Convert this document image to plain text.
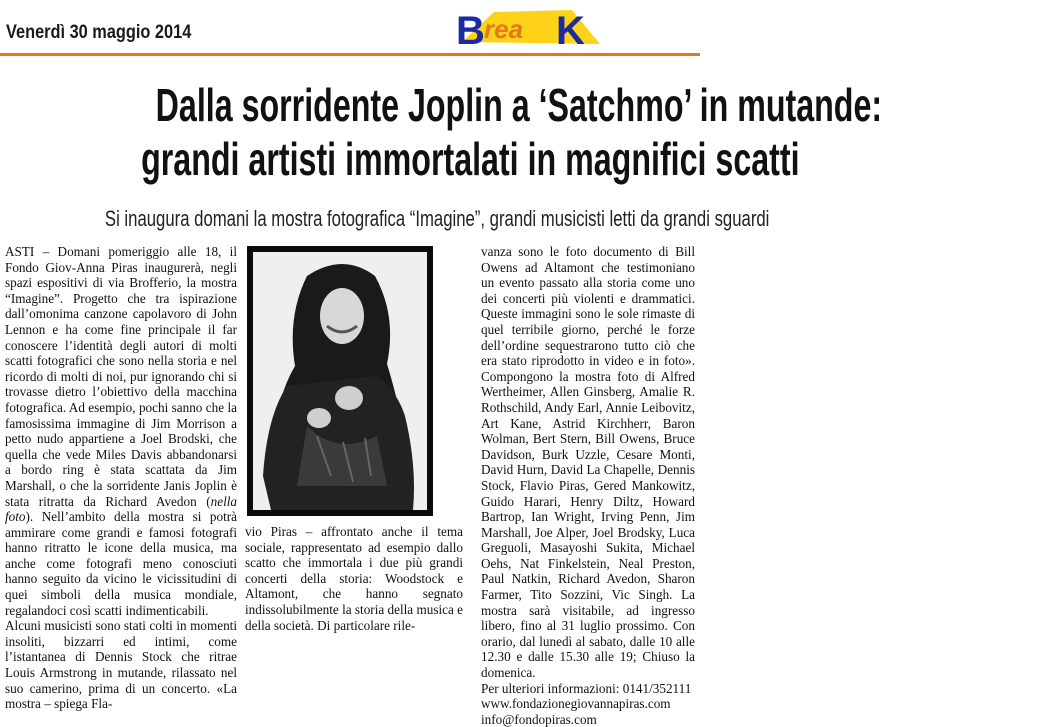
Venerdì 30 maggio 2014	B rea K
Dalla sorridente Joplin a ‘Satchmo’ in mutande:
grandi artisti immortalati in magnifici scatti
Si inaugura domani la mostra fotografica “Imagine”, grandi musicisti letti da grandi sguardi

ASTI – Domani pomeriggio alle 18, il Fondo Giov-Anna Piras inaugurerà, negli spazi espositivi di via Brofferio, la mostra “Imagine”. Progetto che tra ispirazione dall’omonima canzone capolavoro di John Lennon e ha come fine principale il far conoscere l’identità degli autori di molti scatti fotografici che sono nella storia e nel ricordo di molti di noi, pur ignorando chi si trovasse dietro l’obiettivo della macchina fotografica. Ad esempio, pochi sanno che la famosissima immagine di Jim Morrison a petto nudo appartiene a Joel Brodski, che quella che vede Miles Davis abbandonarsi a bordo ring è stata scattata da Jim Marshall, o che la sorridente Janis Joplin è stata ritratta da Richard Avedon (nella foto). Nell’ambito della mostra si potrà ammirare come grandi e famosi fotografi hanno ritratto le icone della musica, ma anche come fotografi meno conosciuti hanno seguito da vicino le vicissitudini di quei simboli della musica mondiale, regalandoci così scatti indimenticabili.

Alcuni musicisti sono stati colti in momenti insoliti, bizzarri ed intimi, come l’istantanea di Dennis Stock che ritrae Louis Armstrong in mutande, rilassato nel suo camerino, prima di un concerto. «La mostra – spiega Fla-

vio Piras – affrontato anche il tema sociale, rappresentato ad esempio dallo scatto che immortala i due più grandi concerti della storia: Woodstock e Altamont, che hanno segnato indissolubilmente la storia della musica e della società. Di particolare rile-

vanza sono le foto documento di Bill Owens ad Altamont che testimoniano un evento passato alla storia come uno dei concerti più violenti e drammatici. Queste immagini sono le sole rimaste di quel terribile giorno, perché le forze dell’ordine sequestrarono tutto ciò che era stato riprodotto in video e in foto». Compongono la mostra foto di Alfred Wertheimer, Allen Ginsberg, Amalie R. Rothschild, Andy Earl, Annie Leibovitz, Art Kane, Astrid Kirchherr, Baron Wolman, Bert Stern, Bill Owens, Bruce Davidson, Burk Uzzle, Cesare Monti, David Hurn, David La Chapelle, Dennis Stock, Flavio Piras, Gered Mankowitz, Guido Harari, Henry Diltz, Howard Bartrop, Ian Wright, Irving Penn, Jim Marshall, Joe Alper, Joel Brodsky, Luca Greguoli, Masayoshi Sukita, Michael Oehs, Nat Finkelstein, Neal Preston, Paul Natkin, Richard Avedon, Sharon Farmer, Tito Sozzini, Vic Singh. La mostra sarà visitabile, ad ingresso libero, fino al 31 luglio prossimo. Con orario, dal lunedì al sabato, dalle 10 alle 12.30 e dalle 15.30 alle 19; Chiuso la domenica.

Per ulteriori informazioni: 0141/352111 www.fondazionegiovannapiras.com info@fondopiras.com
